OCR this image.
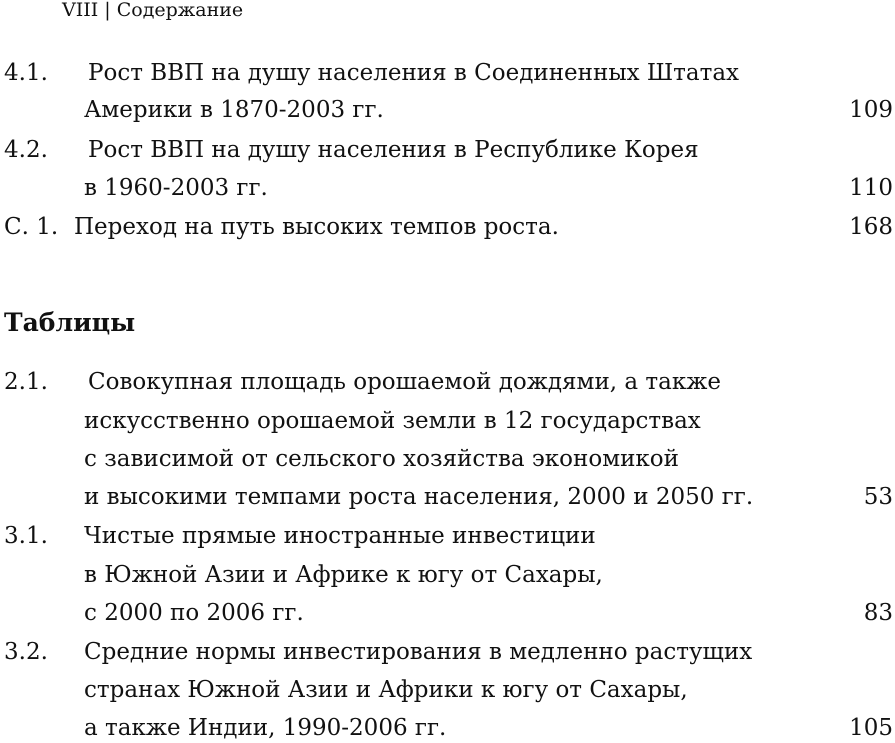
VIII | Содержание
4.1. Рост ВВП на душу населения в Соединенных Штатах
Америки в 1870-2003 гг.	109
4.2. Рост ВВП на душу населения в Республике Корея
в 1960-2003 гг.	110
С. 1. Переход на путь высоких темпов роста.	168
Таблицы
2.1. Совокупная площадь орошаемой дождями, а также
искусственно орошаемой земли в 12 государствах
с зависимой от сельского хозяйства экономикой
и высокими темпами роста населения, 2000 и 2050 гг.	53
3.1. Чистые прямые иностранные инвестиции
в Южной Азии и Африке к югу от Сахары,
с 2000 по 2006 гг.	83
3.2. Средние нормы инвестирования в медленно растущих
странах Южной Азии и Африки к югу от Сахары,
а также Индии, 1990-2006 гг.	105
